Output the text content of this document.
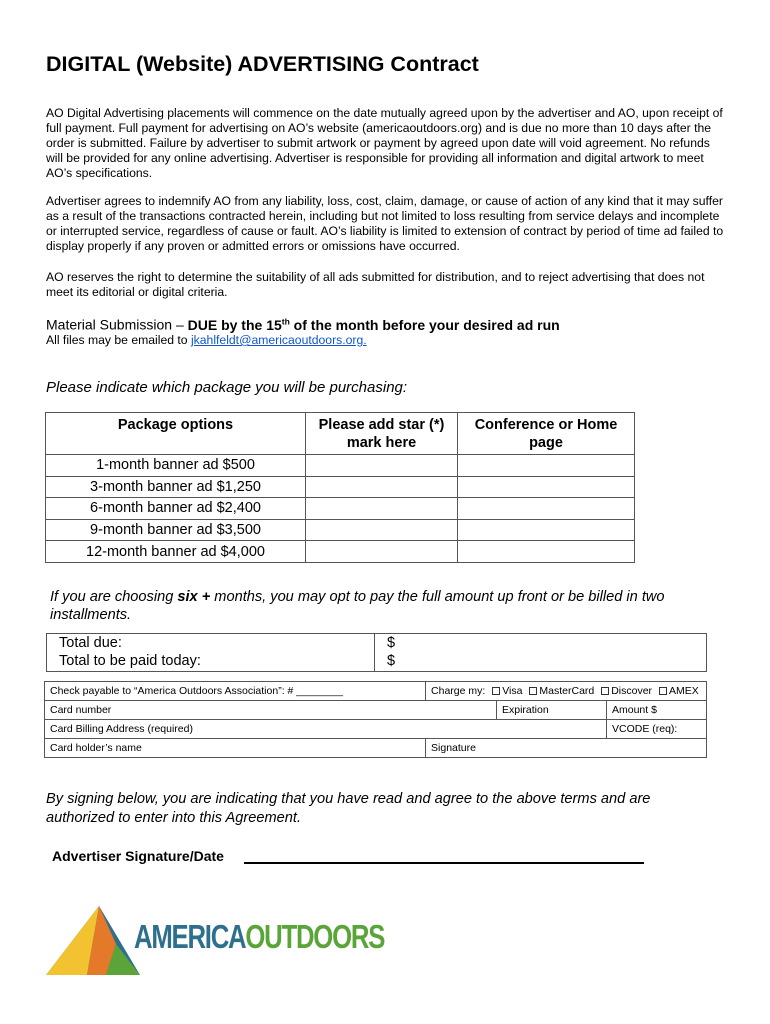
DIGITAL (Website) ADVERTISING Contract

AO Digital Advertising placements will commence on the date mutually agreed upon by the advertiser and AO, upon receipt of full payment. Full payment for advertising on AO’s website (americaoutdoors.org) and is due no more than 10 days after the order is submitted. Failure by advertiser to submit artwork or payment by agreed upon date will void agreement. No refunds will be provided for any online advertising. Advertiser is responsible for providing all information and digital artwork to meet AO’s specifications.

Advertiser agrees to indemnify AO from any liability, loss, cost, claim, damage, or cause of action of any kind that it may suffer as a result of the transactions contracted herein, including but not limited to loss resulting from service delays and incomplete or interrupted service, regardless of cause or fault. AO’s liability is limited to extension of contract by period of time ad failed to display properly if any proven or admitted errors or omissions have occurred.

AO reserves the right to determine the suitability of all ads submitted for distribution, and to reject advertising that does not meet its editorial or digital criteria.

Material Submission – DUE by the 15th of the month before your desired ad run
All files may be emailed to jkahlfeldt@americaoutdoors.org.
Please indicate which package you will be purchasing:
Package options	Please add star (*) mark here	Conference or Home page
1-month banner ad $500		
3-month banner ad $1,250		
6-month banner ad $2,400		
9-month banner ad $3,500		
12-month banner ad $4,000		

If you are choosing six + months, you may opt to pay the full amount up front or be billed in two installments.

Total due:	$
Total to be paid today:	$
Check payable to “America Outdoors Association”: # ________	Charge my: Visa MasterCard Discover AMEX		
Card number		Expiration	Amount $
Card Billing Address (required)			VCODE (req):
Card holder’s name	Signature		

By signing below, you are indicating that you have read and agree to the above terms and are authorized to enter into this Agreement.

Advertiser Signature/Date
AMERICAOUTDOORS
